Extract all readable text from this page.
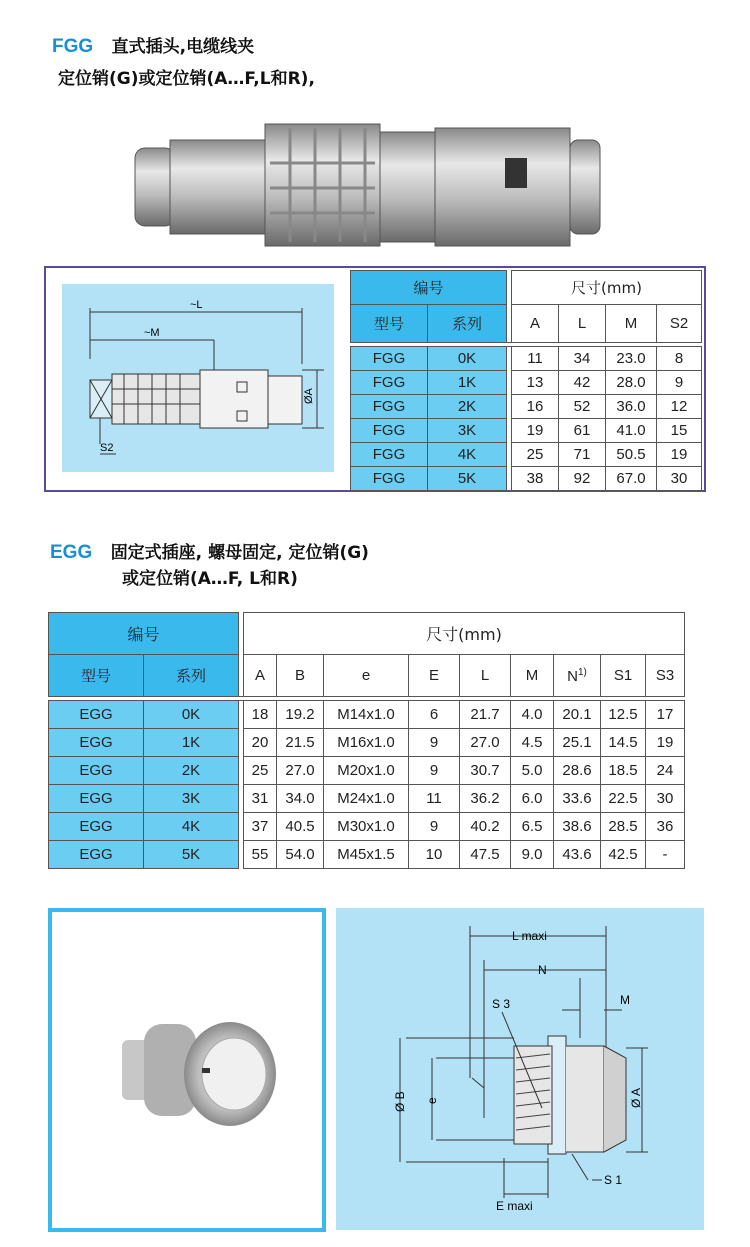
FGG 直式插头,电缆线夹
定位销(G)或定位销(A…F,L和R),
~L
~M
ØA
S2
编号			尺寸(mm)			
型号	系列		A	L	M	S2

FGG	0K		11	34	23.0	8
FGG	1K		13	42	28.0	9
FGG	2K		16	52	36.0	12
FGG	3K		19	61	41.0	15
FGG	4K		25	71	50.5	19
FGG	5K		38	92	67.0	30
EGG 固定式插座, 螺母固定, 定位销(G)
或定位销(A…F, L和R)
编号			尺寸(mm)								
型号	系列		A	B	e	E	L	M	$N^{1)}$	S1	S3

EGG	0K		18	19.2	M14x1.0	6	21.7	4.0	20.1	12.5	17
EGG	1K		20	21.5	M16x1.0	9	27.0	4.5	25.1	14.5	19
EGG	2K		25	27.0	M20x1.0	9	30.7	5.0	28.6	18.5	24
EGG	3K		31	34.0	M24x1.0	11	36.2	6.0	33.6	22.5	30
EGG	4K		37	40.5	M30x1.0	9	40.2	6.5	38.6	28.5	36
EGG	5K		55	54.0	M45x1.5	10	47.5	9.0	43.6	42.5	-
L maxi
N
S 3	M
Ø B e	Ø A
E maxi
S 1
